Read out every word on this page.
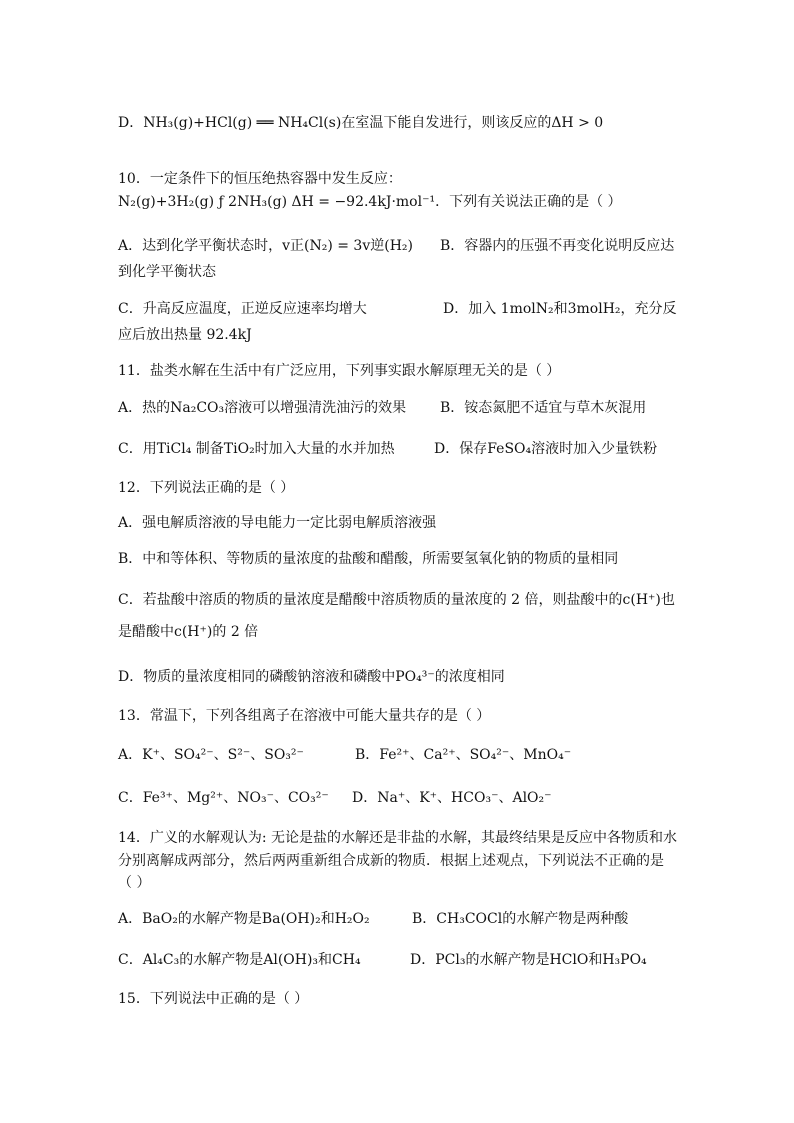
D．NH₃(g)+HCl(g) ══ NH₄Cl(s)在室温下能自发进行，则该反应的ΔH > 0
10．一定条件下的恒压绝热容器中发生反应：
N₂(g)+3H₂(g) ƒ 2NH₃(g) ΔH = −92.4kJ·mol⁻¹．下列有关说法正确的是（ ）
A．达到化学平衡状态时，v正(N₂) = 3v逆(H₂)	B．容器内的压强不再变化说明反应达
到化学平衡状态
C．升高反应温度，正逆反应速率均增大	D．加入 1molN₂和3molH₂，充分反
应后放出热量 92.4kJ
11．盐类水解在生活中有广泛应用，下列事实跟水解原理无关的是（ ）
A．热的Na₂CO₃溶液可以增强清洗油污的效果	B．铵态氮肥不适宜与草木灰混用
C．用TiCl₄ 制备TiO₂时加入大量的水并加热	D．保存FeSO₄溶液时加入少量铁粉
12．下列说法正确的是（ ）
A．强电解质溶液的导电能力一定比弱电解质溶液强
B．中和等体积、等物质的量浓度的盐酸和醋酸，所需要氢氧化钠的物质的量相同
C．若盐酸中溶质的物质的量浓度是醋酸中溶质物质的量浓度的 2 倍，则盐酸中的c(H⁺)也
是醋酸中c(H⁺)的 2 倍
D．物质的量浓度相同的磷酸钠溶液和磷酸中PO₄³⁻的浓度相同
13．常温下，下列各组离子在溶液中可能大量共存的是（ ）
A．K⁺、SO₄²⁻、S²⁻、SO₃²⁻	B．Fe²⁺、Ca²⁺、SO₄²⁻、MnO₄⁻
C．Fe³⁺、Mg²⁺、NO₃⁻、CO₃²⁻	D．Na⁺、K⁺、HCO₃⁻、AlO₂⁻
14．广义的水解观认为: 无论是盐的水解还是非盐的水解，其最终结果是反应中各物质和水
分别离解成两部分，然后两两重新组合成新的物质．根据上述观点，下列说法不正确的是
（ ）
A．BaO₂的水解产物是Ba(OH)₂和H₂O₂	B．CH₃COCl的水解产物是两种酸
C．Al₄C₃的水解产物是Al(OH)₃和CH₄	D．PCl₃的水解产物是HClO和H₃PO₄
15．下列说法中正确的是（ ）
